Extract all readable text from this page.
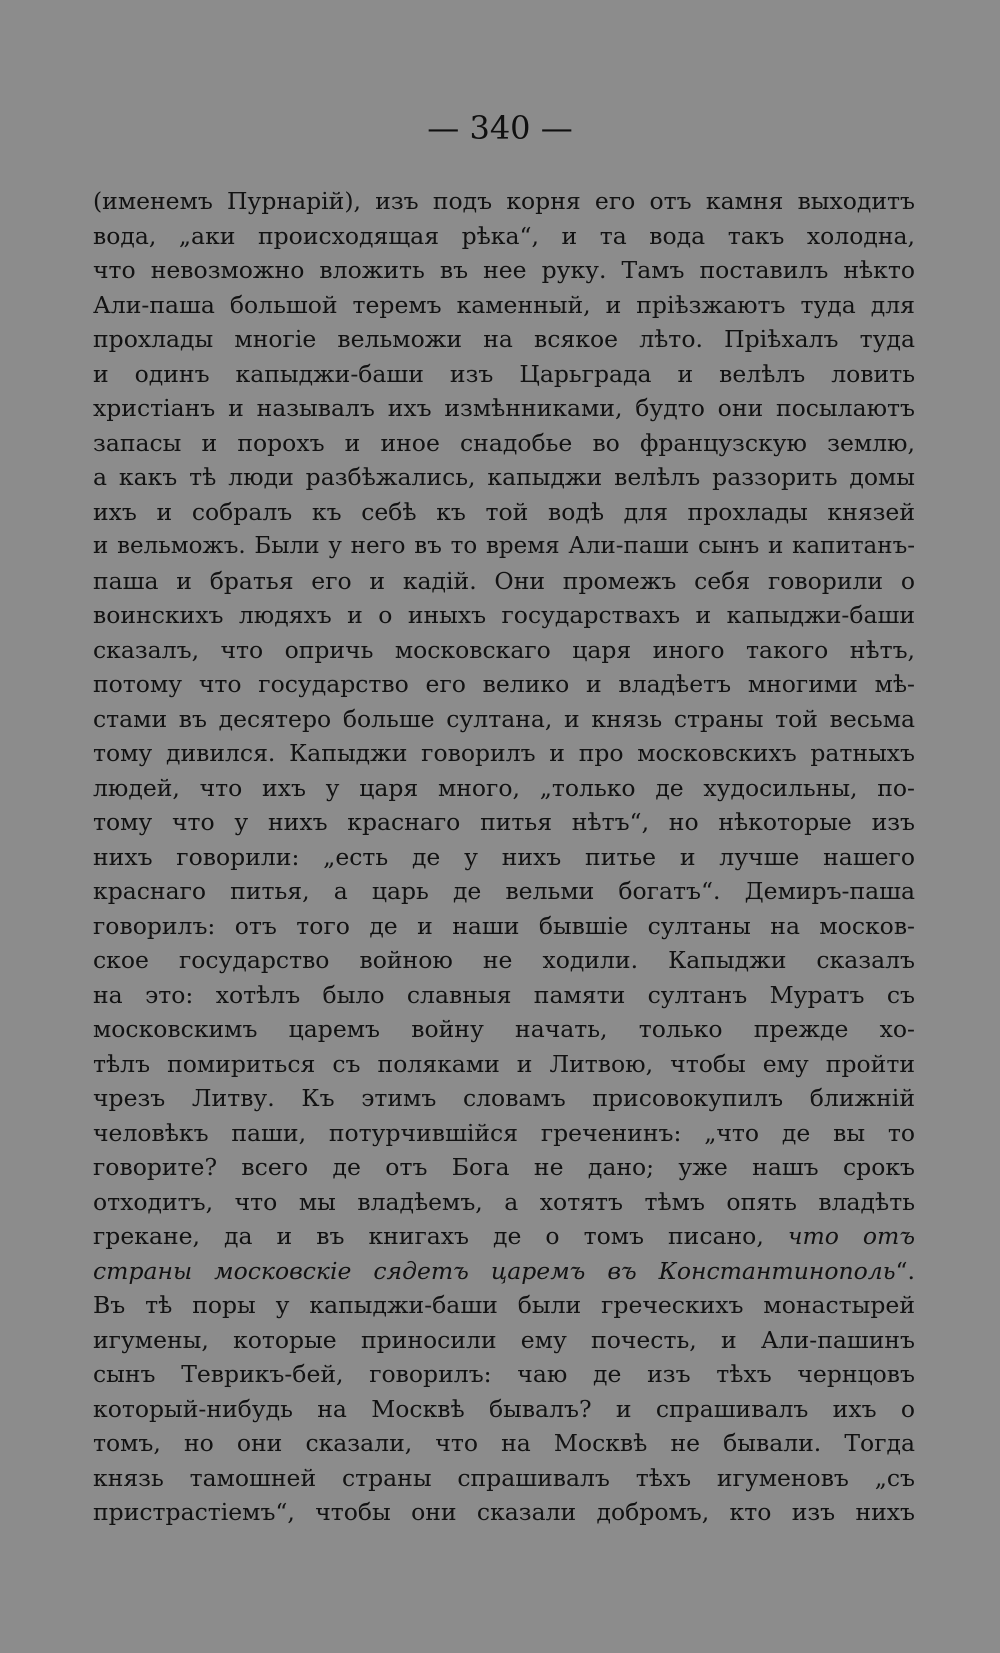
— 340 —
(именемъ Пурнарій), изъ подъ корня его отъ камня выходитъ
вода, „аки происходящая рѣка“, и та вода такъ холодна,
что невозможно вложить въ нее руку. Тамъ поставилъ нѣкто
Али-паша большой теремъ каменный, и пріѣзжаютъ туда для
прохлады многіе вельможи на всякое лѣто. Пріѣхалъ туда
и одинъ капыджи-баши изъ Царьграда и велѣлъ ловить
христіанъ и называлъ ихъ измѣнниками, будто они посылаютъ
запасы и порохъ и иное снадобье во французскую землю,
а какъ тѣ люди разбѣжались, капыджи велѣлъ раззорить домы
ихъ и собралъ къ себѣ къ той водѣ для прохлады князей
и вельможъ. Были у него въ то время Али-паши сынъ и капитанъ-
паша и братья его и кадій. Они промежъ себя говорили о
воинскихъ людяхъ и о иныхъ государствахъ и капыджи-баши
сказалъ, что опричь московскаго царя иного такого нѣтъ,
потому что государство его велико и владѣетъ многими мѣ-
стами въ десятеро больше султана, и князь страны той весьма
тому дивился. Капыджи говорилъ и про московскихъ ратныхъ
людей, что ихъ у царя много, „только де худосильны, по-
тому что у нихъ краснаго питья нѣтъ“, но нѣкоторые изъ
нихъ говорили: „есть де у нихъ питье и лучше нашего
краснаго питья, а царь де вельми богатъ“. Демиръ-паша
говорилъ: отъ того де и наши бывшіе султаны на москов-
ское государство войною не ходили. Капыджи сказалъ
на это: хотѣлъ было славныя памяти султанъ Муратъ съ
московскимъ царемъ войну начать, только прежде хо-
тѣлъ помириться съ поляками и Литвою, чтобы ему пройти
чрезъ Литву. Къ этимъ словамъ присовокупилъ ближній
человѣкъ паши, потурчившійся греченинъ: „что де вы то
говорите? всего де отъ Бога не дано; уже нашъ срокъ
отходитъ, что мы владѣемъ, а хотятъ тѣмъ опять владѣть
грекане, да и въ книгахъ де о томъ писано, что отъ
страны московскіе сядетъ царемъ въ Константинополь“.
Въ тѣ поры у капыджи-баши были греческихъ монастырей
игумены, которые приносили ему почесть, и Али-пашинъ
сынъ Теврикъ-бей, говорилъ: чаю де изъ тѣхъ чернцовъ
который-нибудь на Москвѣ бывалъ? и спрашивалъ ихъ о
томъ, но они сказали, что на Москвѣ не бывали. Тогда
князь тамошней страны спрашивалъ тѣхъ игуменовъ „съ
пристрастіемъ“, чтобы они сказали добромъ, кто изъ нихъ
